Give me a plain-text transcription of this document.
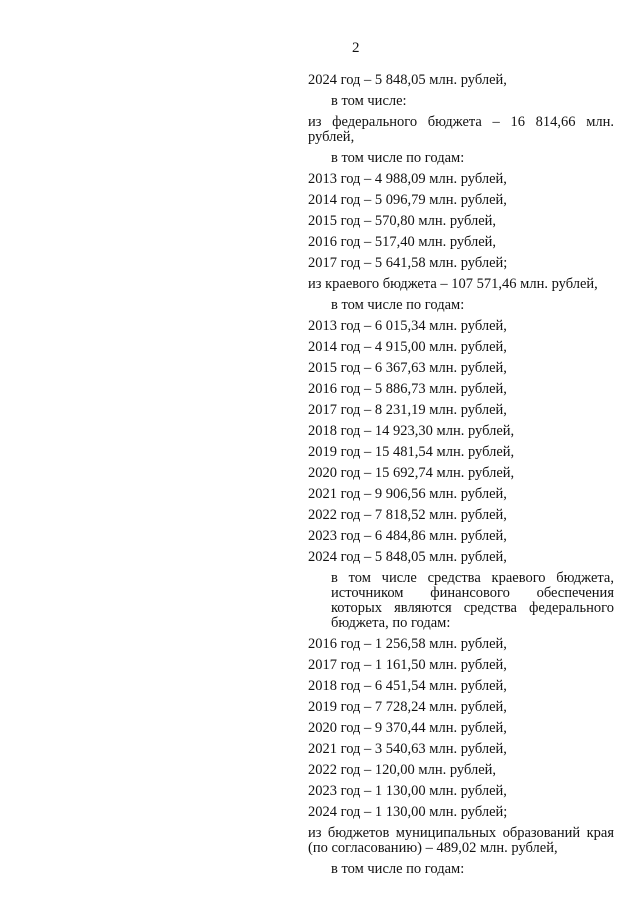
2
2024 год – 5 848,05 млн. рублей,
в том числе:
из федерального бюджета – 16 814,66 млн. рублей,
в том числе по годам:
2013 год – 4 988,09 млн. рублей,
2014 год – 5 096,79 млн. рублей,
2015 год – 570,80 млн. рублей,
2016 год – 517,40 млн. рублей,
2017 год – 5 641,58 млн. рублей;
из краевого бюджета – 107 571,46 млн. рублей,
в том числе по годам:
2013 год – 6 015,34 млн. рублей,
2014 год – 4 915,00 млн. рублей,
2015 год – 6 367,63 млн. рублей,
2016 год – 5 886,73 млн. рублей,
2017 год – 8 231,19 млн. рублей,
2018 год – 14 923,30 млн. рублей,
2019 год – 15 481,54 млн. рублей,
2020 год – 15 692,74 млн. рублей,
2021 год – 9 906,56 млн. рублей,
2022 год – 7 818,52 млн. рублей,
2023 год – 6 484,86 млн. рублей,
2024 год – 5 848,05 млн. рублей,
в том числе средства краевого бюджета, источником финансового обеспечения которых являются средства федерального бюджета, по годам:
2016 год – 1 256,58 млн. рублей,
2017 год – 1 161,50 млн. рублей,
2018 год – 6 451,54 млн. рублей,
2019 год – 7 728,24 млн. рублей,
2020 год – 9 370,44 млн. рублей,
2021 год – 3 540,63 млн. рублей,
2022 год – 120,00 млн. рублей,
2023 год – 1 130,00 млн. рублей,
2024 год – 1 130,00 млн. рублей;
из бюджетов муниципальных образований края (по согласованию) – 489,02 млн. рублей,
в том числе по годам:
